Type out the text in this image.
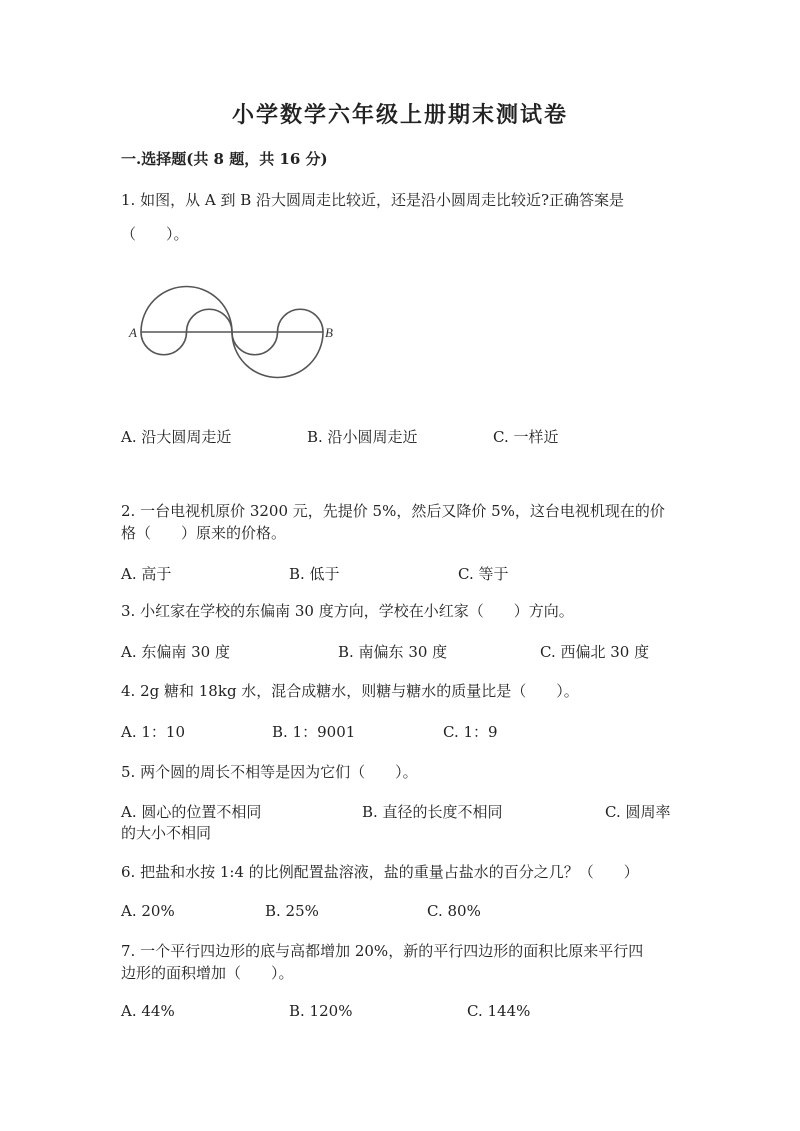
小学数学六年级上册期末测试卷
一.选择题(共 8 题，共 16 分)
1. 如图，从 A 到 B 沿大圆周走比较近，还是沿小圆周走比较近?正确答案是
（　　）。
A	B
A. 沿大圆周走近	B. 沿小圆周走近	C. 一样近
2. 一台电视机原价 3200 元，先提价 5%，然后又降价 5%，这台电视机现在的价
格（　　）原来的价格。
A. 高于	B. 低于	C. 等于
3. 小红家在学校的东偏南 30 度方向，学校在小红家（　　）方向。
A. 东偏南 30 度	B. 南偏东 30 度	C. 西偏北 30 度
4. 2g 糖和 18kg 水，混合成糖水，则糖与糖水的质量比是（　　）。
A. 1：10	B. 1：9001	C. 1：9
5. 两个圆的周长不相等是因为它们（　　）。
A. 圆心的位置不相同	B. 直径的长度不相同	C. 圆周率
的大小不相同
6. 把盐和水按 1:4 的比例配置盐溶液，盐的重量占盐水的百分之几？（　　）
A. 20%	B. 25%	C. 80%
7. 一个平行四边形的底与高都增加 20%，新的平行四边形的面积比原来平行四
边形的面积增加（　　）。
A. 44%	B. 120%	C. 144%
